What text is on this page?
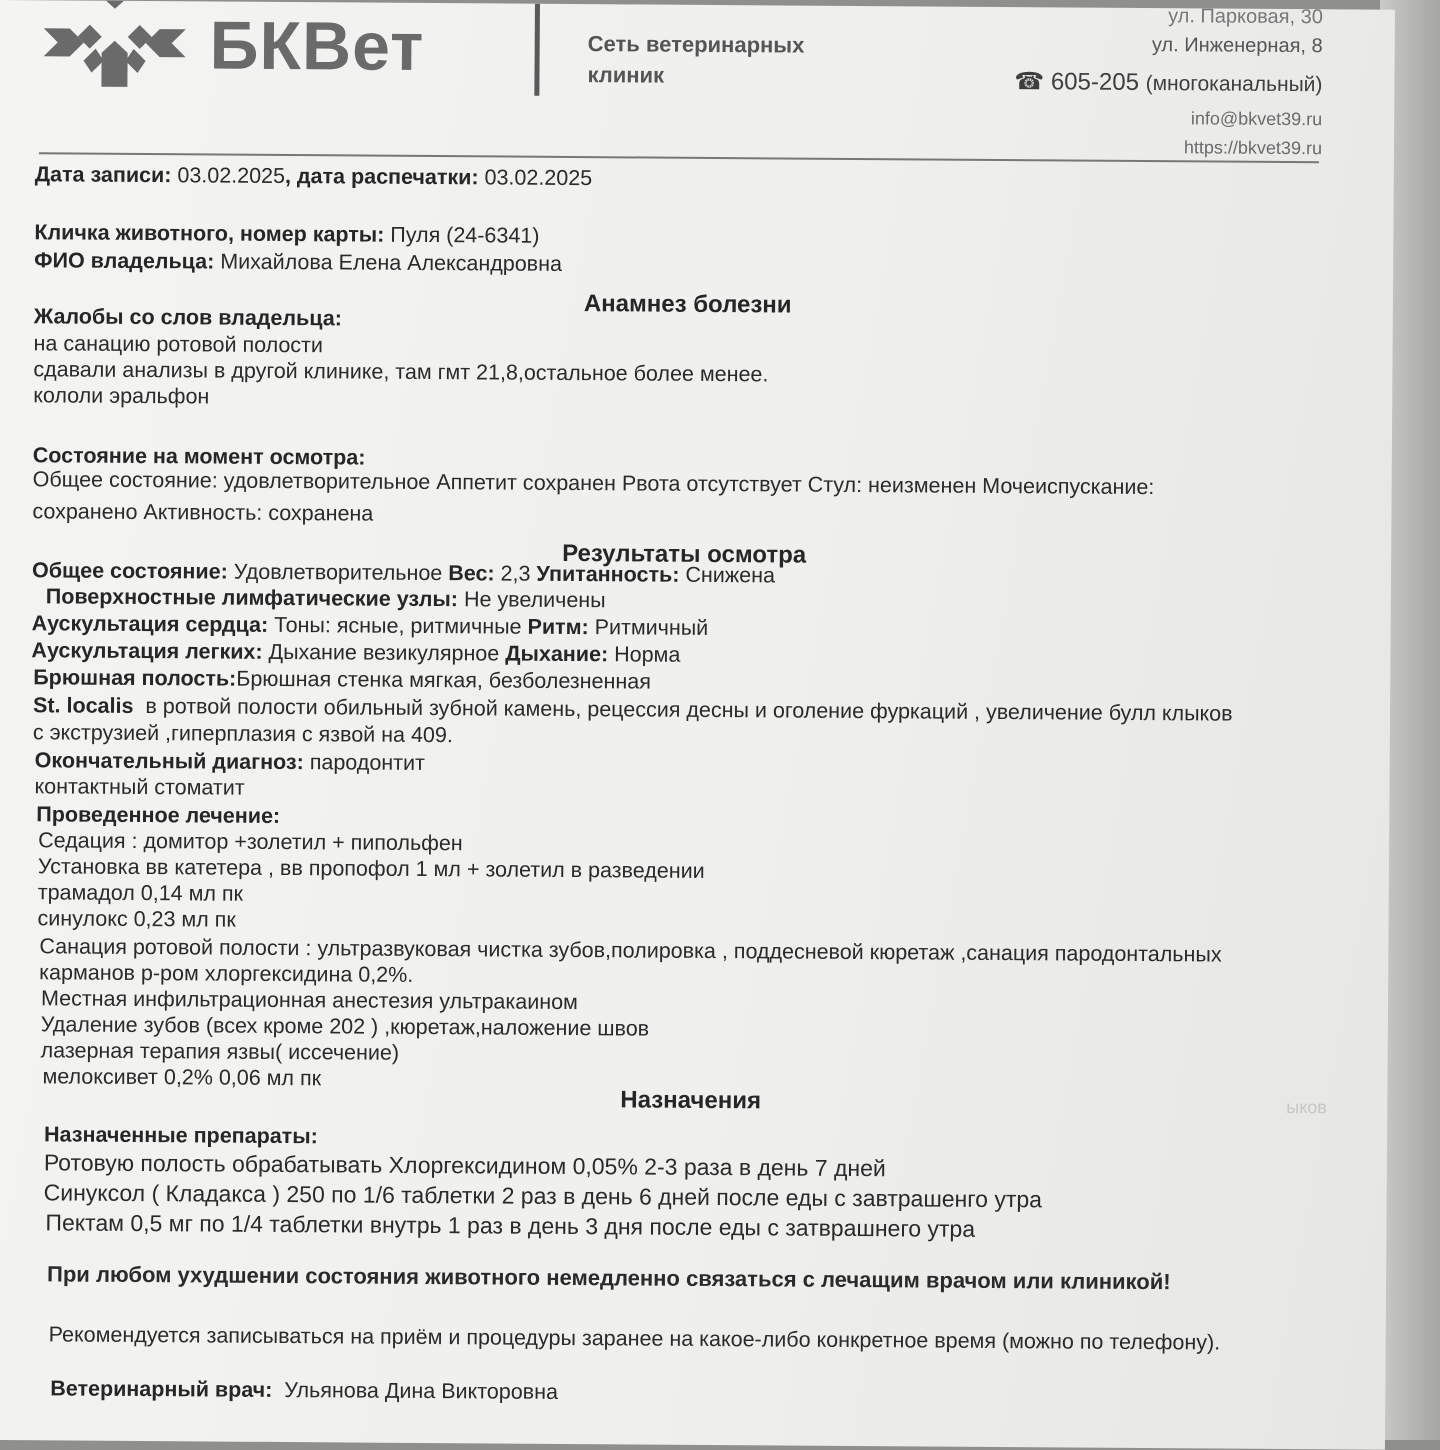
БКВет	Сеть ветеринарных
клиник
ул. Парковая, 30
ул. Инженерная, 8
☎ 605-205 (многоканальный)
info@bkvet39.ru
https://bkvet39.ru
Дата записи: 03.02.2025, дата распечатки: 03.02.2025
Кличка животного, номер карты: Пуля (24-6341)
ФИО владельца: Михайлова Елена Александровна
Анамнез болезни
Жалобы со слов владельца:
на санацию ротовой полости
сдавали анализы в другой клинике, там гмт 21,8,остальное более менее.
кололи эральфон
Состояние на момент осмотра:
Общее состояние: удовлетворительное Аппетит сохранен Рвота отсутствует Стул: неизменен Мочеиспускание:
сохранено Активность: сохранена
Результаты осмотра
Общее состояние: Удовлетворительное Вес: 2,3 Упитанность: Снижена
Поверхностные лимфатические узлы: Не увеличены
Аускультация сердца: Тоны: ясные, ритмичные Ритм: Ритмичный
Аускультация легких: Дыхание везикулярное Дыхание: Норма
Брюшная полость:Брюшная стенка мягкая, безболезненная
St. localis в ротвой полости обильный зубной камень, рецессия десны и оголение фуркаций , увеличение булл клыков
с экструзией ,гиперплазия с язвой на 409.
Окончательный диагноз: пародонтит
контактный стоматит
Проведенное лечение:
Седация : домитор +золетил + пипольфен
Установка вв катетера , вв пропофол 1 мл + золетил в разведении
трамадол 0,14 мл пк
синулокс 0,23 мл пк
Санация ротовой полости : ультразвуковая чистка зубов,полировка , поддесневой кюретаж ,санация пародонтальных
карманов р-ром хлоргексидина 0,2%.
Местная инфильтрационная анестезия ультракаином
Удаление зубов (всех кроме 202 ) ,кюретаж,наложение швов
лазерная терапия язвы( иссечение)
мелоксивет 0,2% 0,06 мл пк
Назначения	ыков
Назначенные препараты:
Ротовую полость обрабатывать Хлоргексидином 0,05% 2-3 раза в день 7 дней
Синуксол ( Кладакса ) 250 по 1/6 таблетки 2 раз в день 6 дней после еды с завтрашенго утра
Пектам 0,5 мг по 1/4 таблетки внутрь 1 раз в день 3 дня после еды с затврашнего утра
При любом ухудшении состояния животного немедленно связаться с лечащим врачом или клиникой!
Рекомендуется записываться на приём и процедуры заранее на какое-либо конкретное время (можно по телефону).
Ветеринарный врач: Ульянова Дина Викторовна
